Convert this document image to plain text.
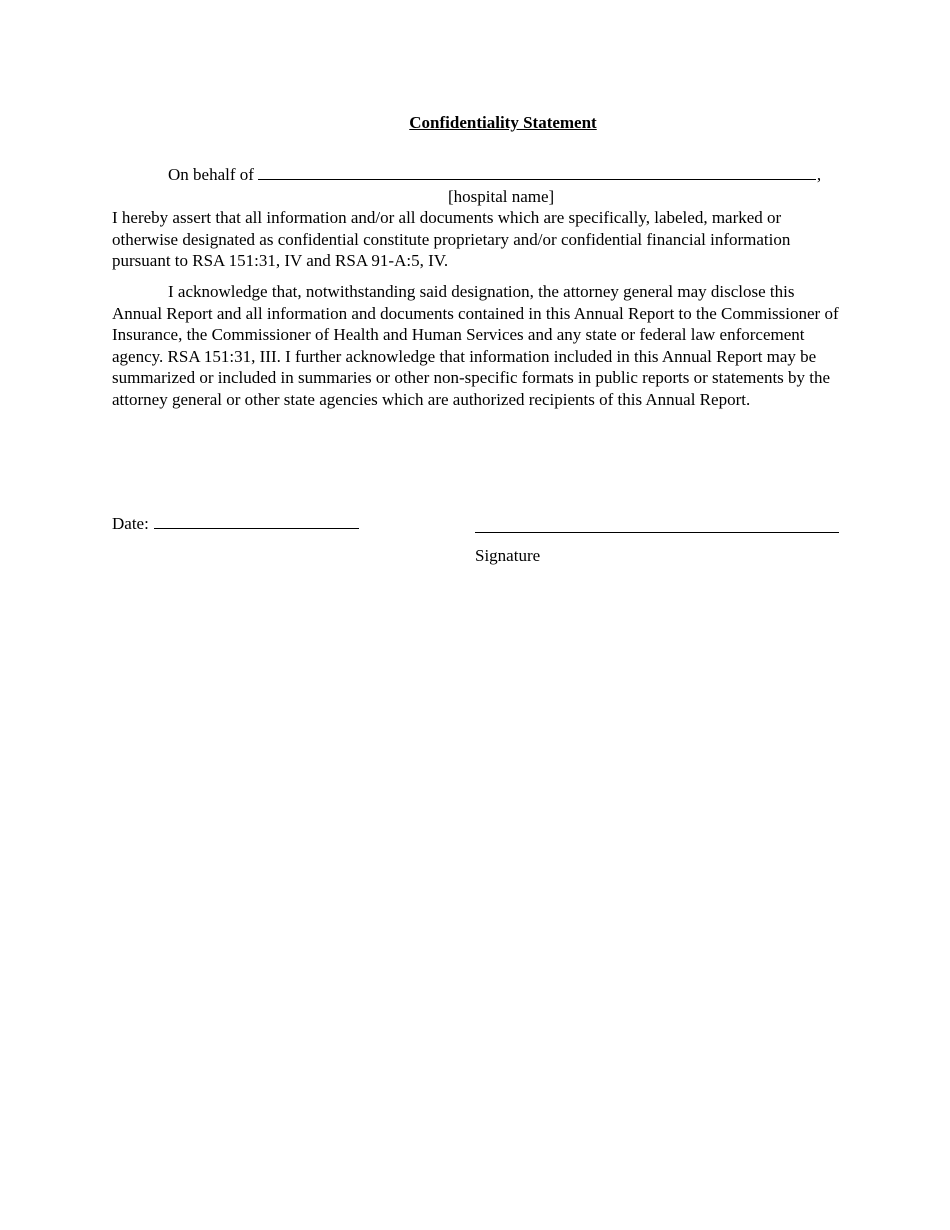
Confidentiality Statement
On behalf of	,
[hospital name]

I hereby assert that all information and/or all documents which are specifically, labeled, marked or otherwise designated as confidential constitute proprietary and/or confidential financial information pursuant to RSA 151:31, IV and RSA 91-A:5, IV.

I acknowledge that, notwithstanding said designation, the attorney general may disclose this Annual Report and all information and documents contained in this Annual Report to the Commissioner of Insurance, the Commissioner of Health and Human Services and any state or federal law enforcement agency. RSA 151:31, III. I further acknowledge that information included in this Annual Report may be summarized or included in summaries or other non-specific formats in public reports or statements by the attorney general or other state agencies which are authorized recipients of this Annual Report.

Date:
Signature
